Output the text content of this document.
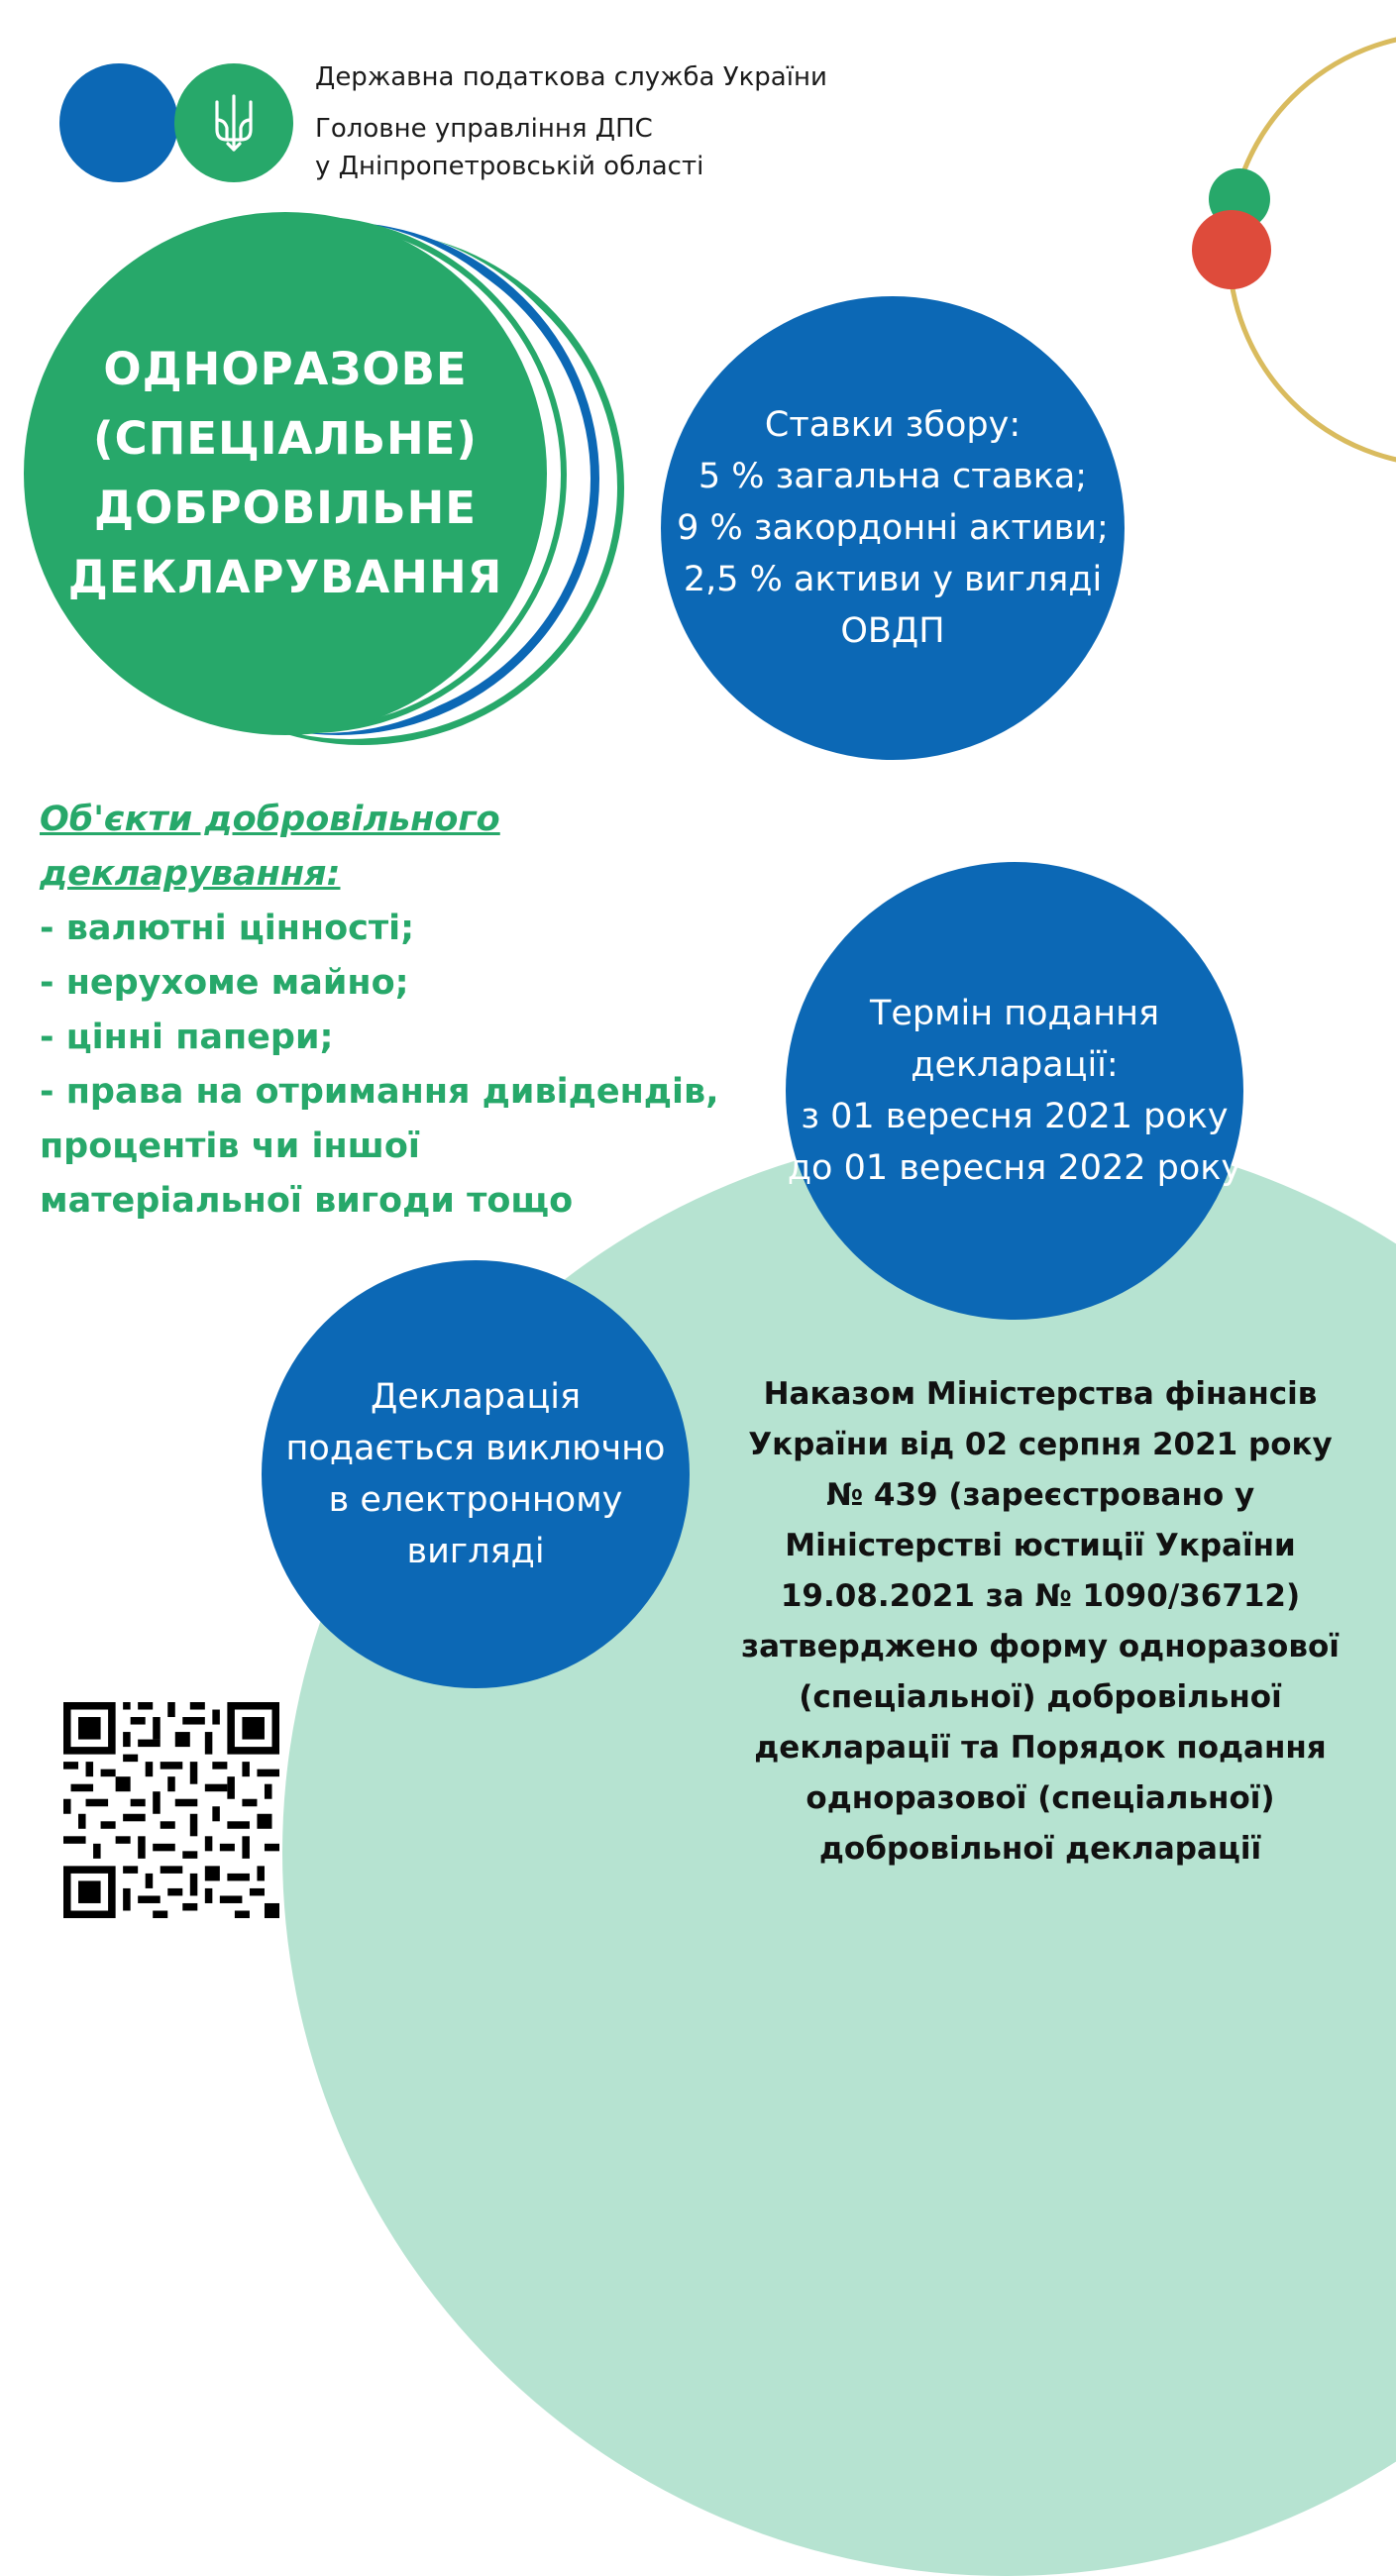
Державна податкова служба України
Головне управління ДПС
у Дніпропетровській області
ОДНОРАЗОВЕ
(СПЕЦІАЛЬНЕ)
ДОБРОВІЛЬНЕ
ДЕКЛАРУВАННЯ
Ставки збору:
5 % загальна ставка;
9 % закордонні активи;
2,5 % активи у вигляді
ОВДП
Об'єкти добровільного
декларування:
- валютні цінності;
- нерухоме майно;
- цінні папери;
- права на отримання дивідендів,
процентів чи іншої
матеріальної вигоди тощо
Термін подання
декларації:
з 01 вересня 2021 року
до 01 вересня 2022 року
Декларація
подається виключно
в електронному
вигляді
Наказом Міністерства фінансів
України від 02 серпня 2021 року
№ 439 (зареєстровано у
Міністерстві юстиції України
19.08.2021 за № 1090/36712)
затверджено форму одноразової
(спеціальної) добровільної
декларації та Порядок подання
одноразової (спеціальної)
добровільної декларації
